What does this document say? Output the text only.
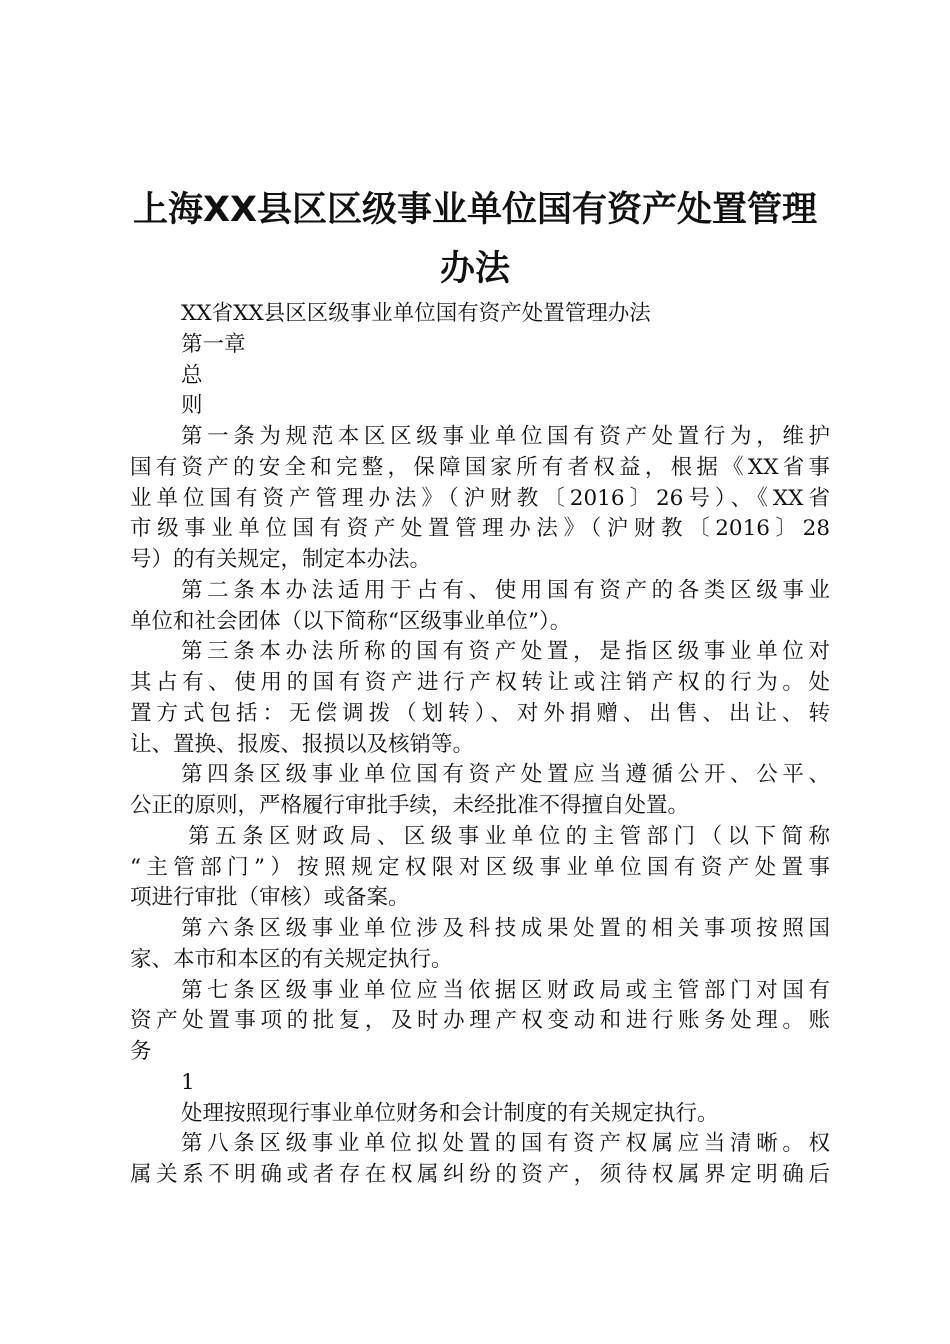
上海XX县区区级事业单位国有资产处置管理
办法

XX省XX县区区级事业单位国有资产处置管理办法

第一章

总

则

第一条为规范本区区级事业单位国有资产处置行为，维护

国有资产的安全和完整，保障国家所有者权益，根据《XX省事

业单位国有资产管理办法》（沪财教〔2016〕26号）、《XX省

市级事业单位国有资产处置管理办法》（沪财教〔2016〕28

号）的有关规定，制定本办法。

第二条本办法适用于占有、使用国有资产的各类区级事业

单位和社会团体（以下简称“区级事业单位”）。

第三条本办法所称的国有资产处置，是指区级事业单位对

其占有、使用的国有资产进行产权转让或注销产权的行为。处

置方式包括：无偿调拨（划转）、对外捐赠、出售、出让、转

让、置换、报废、报损以及核销等。

第四条区级事业单位国有资产处置应当遵循公开、公平、

公正的原则，严格履行审批手续，未经批准不得擅自处置。

第五条区财政局、区级事业单位的主管部门（以下简称

“主管部门”）按照规定权限对区级事业单位国有资产处置事

项进行审批（审核）或备案。

第六条区级事业单位涉及科技成果处置的相关事项按照国

家、本市和本区的有关规定执行。

第七条区级事业单位应当依据区财政局或主管部门对国有

资产处置事项的批复，及时办理产权变动和进行账务处理。账

务

1

处理按照现行事业单位财务和会计制度的有关规定执行。

第八条区级事业单位拟处置的国有资产权属应当清晰。权

属关系不明确或者存在权属纠纷的资产，须待权属界定明确后
